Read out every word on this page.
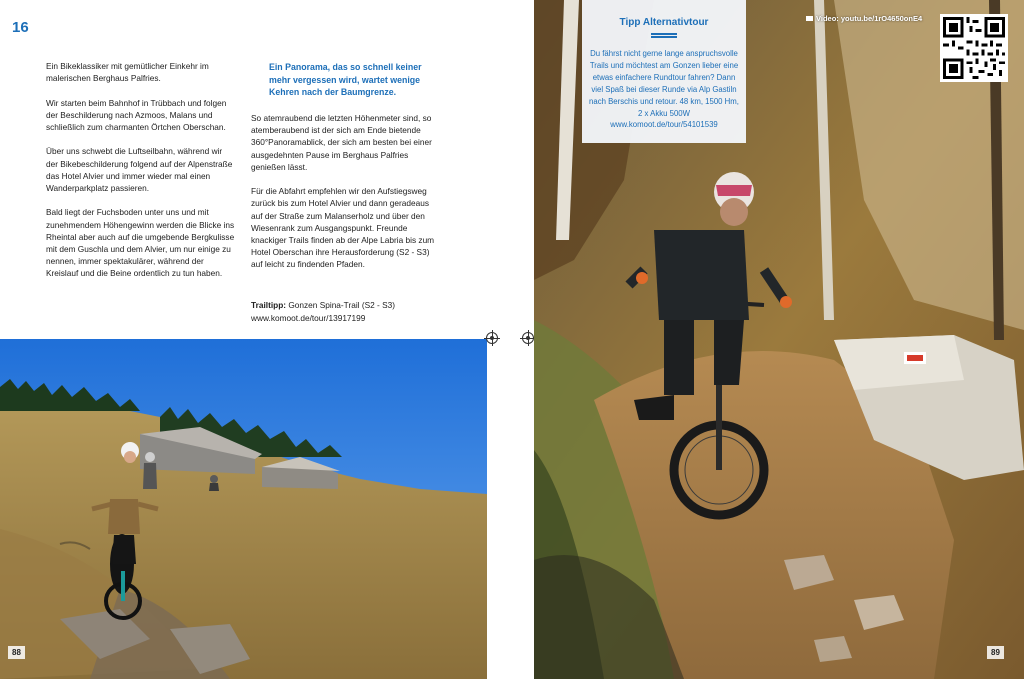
16

Ein Bikeklassiker mit gemütlicher Einkehr im malerischen Berghaus Palfries.

Wir starten beim Bahnhof in Trübbach und folgen der Beschilderung nach Azmoos, Malans und schließlich zum charmanten Örtchen Oberschan.

Über uns schwebt die Luftseilbahn, während wir der Bikebeschilderung folgend auf der Alpenstraße das Hotel Alvier und immer wieder mal einen Wanderparkplatz passieren.

Bald liegt der Fuchsboden unter uns und mit zunehmendem Höhengewinn werden die Blicke ins Rheintal aber auch auf die umgebende Bergkulisse mit dem Guschla und dem Alvier, um nur einige zu nennen, immer spektakulärer, während der Kreislauf und die Beine ordentlich zu tun haben.

Ein Panorama, das so schnell keiner mehr vergessen wird, wartet wenige Kehren nach der Baumgrenze.

So atemraubend die letzten Höhenmeter sind, so atemberaubend ist der sich am Ende bietende 360°Panoramablick, der sich am besten bei einer ausgedehnten Pause im Berghaus Palfries genießen lässt.

Für die Abfahrt empfehlen wir den Aufstiegsweg zurück bis zum Hotel Alvier und dann geradeaus auf der Straße zum Malanserholz und über den Wiesenrank zum Ausgangspunkt. Freunde knackiger Trails finden ab der Alpe Labria bis zum Hotel Oberschan ihre Herausforderung (S2 - S3) auf leicht zu findenden Pfaden.

Trailtipp: Gonzen Spina-Trail (S2 - S3)
www.komoot.de/tour/13917199
88
Tipp Alternativtour
Du fährst nicht gerne lange anspruchsvolle Trails und möchtest am Gonzen lieber eine etwas einfachere Rundtour fahren? Dann viel Spaß bei dieser Runde via Alp Gastiln nach Berschis und retour. 48 km, 1500 Hm, 2 x Akku 500W www.komoot.de/tour/54101539
Video: youtu.be/1rO4650onE4
89
